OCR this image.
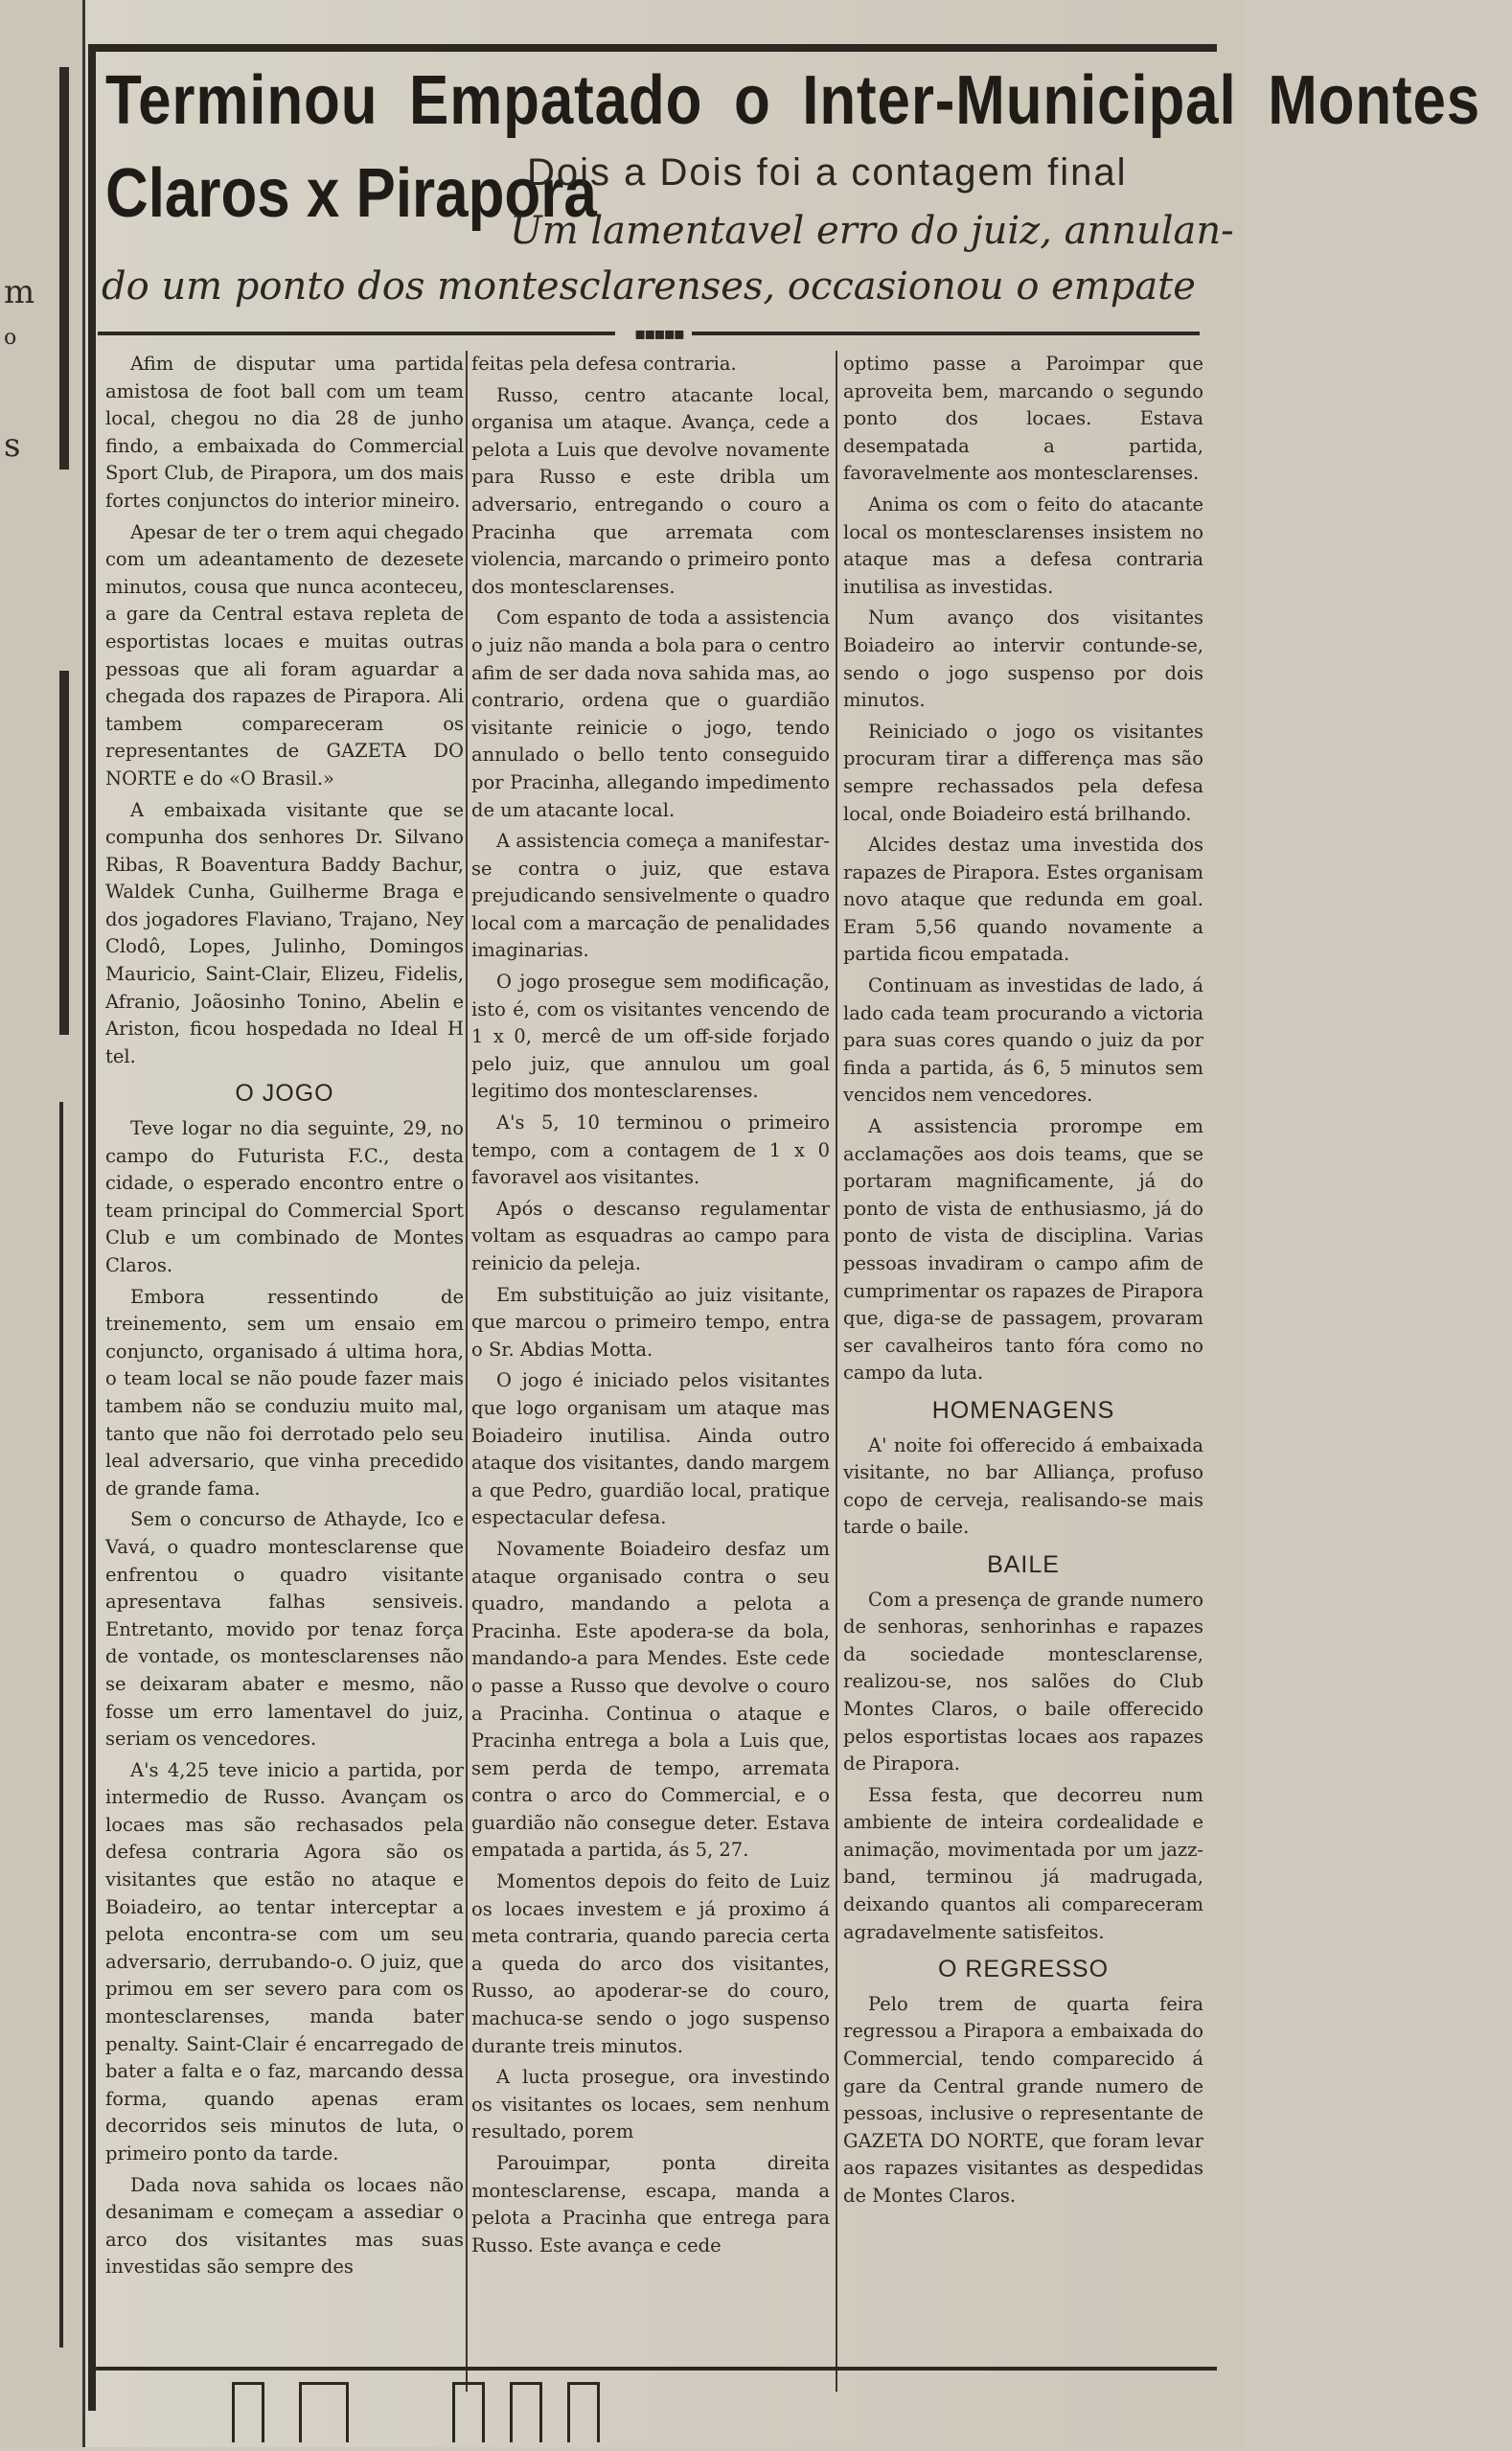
m
o
s
Terminou Empatado o Inter-Municipal Montes
Claros x Pirapora
Dois a Dois foi a contagem final
Um lamentavel erro do juiz, annulan-
do um ponto dos montesclarenses, occasionou o empate
▪▪▪▪▪

Afim de disputar uma partida amistosa de foot ball com um team local, chegou no dia 28 de junho findo, a embaixada do Commercial Sport Club, de Pirapora, um dos mais fortes conjunctos do interior mineiro.

Apesar de ter o trem aqui chegado com um adeantamento de dezesete minutos, cousa que nunca aconteceu, a gare da Central estava repleta de esportistas locaes e muitas outras pessoas que ali foram aguardar a chegada dos rapazes de Pirapora. Ali tambem compareceram os representantes de GAZETA DO NORTE e do «O Brasil.»

A embaixada visitante que se compunha dos senhores Dr. Silvano Ribas, R Boaventura Baddy Bachur, Waldek Cunha, Guilherme Braga e dos jogadores Flaviano, Trajano, Ney Clodô, Lopes, Julinho, Domingos Mauricio, Saint-Clair, Elizeu, Fidelis, Afranio, Joãosinho Tonino, Abelin e Ariston, ficou hospedada no Ideal H tel.

O JOGO

Teve logar no dia seguinte, 29, no campo do Futurista F.C., desta cidade, o esperado encontro entre o team principal do Commercial Sport Club e um combinado de Montes Claros.

Embora ressentindo de treinemento, sem um ensaio em conjuncto, organisado á ultima hora, o team local se não poude fazer mais tambem não se conduziu muito mal, tanto que não foi derrotado pelo seu leal adversario, que vinha precedido de grande fama.

Sem o concurso de Athayde, Ico e Vavá, o quadro montesclarense que enfrentou o quadro visitante apresentava falhas sensiveis. Entretanto, movido por tenaz força de vontade, os montesclarenses não se deixaram abater e mesmo, não fosse um erro lamentavel do juiz, seriam os vencedores.

A's 4,25 teve inicio a partida, por intermedio de Russo. Avançam os locaes mas são rechasados pela defesa contraria Agora são os visitantes que estão no ataque e Boiadeiro, ao tentar interceptar a pelota encontra-se com um seu adversario, derrubando-o. O juiz, que primou em ser severo para com os montesclarenses, manda bater penalty. Saint-Clair é encarregado de bater a falta e o faz, marcando dessa forma, quando apenas eram decorridos seis minutos de luta, o primeiro ponto da tarde.

Dada nova sahida os locaes não desanimam e começam a assediar o arco dos visitantes mas suas investidas são sempre des

feitas pela defesa contraria.

Russo, centro atacante local, organisa um ataque. Avança, cede a pelota a Luis que devolve novamente para Russo e este dribla um adversario, entregando o couro a Pracinha que arremata com violencia, marcando o primeiro ponto dos montesclarenses.

Com espanto de toda a assistencia o juiz não manda a bola para o centro afim de ser dada nova sahida mas, ao contrario, ordena que o guardião visitante reinicie o jogo, tendo annulado o bello tento conseguido por Pracinha, allegando impedimento de um atacante local.

A assistencia começa a manifestar-se contra o juiz, que estava prejudicando sensivelmente o quadro local com a marcação de penalidades imaginarias.

O jogo prosegue sem modificação, isto é, com os visitantes vencendo de 1 x 0, mercê de um off-side forjado pelo juiz, que annulou um goal legitimo dos montesclarenses.

A's 5, 10 terminou o primeiro tempo, com a contagem de 1 x 0 favoravel aos visitantes.

Após o descanso regulamentar voltam as esquadras ao campo para reinicio da peleja.

Em substituição ao juiz visitante, que marcou o primeiro tempo, entra o Sr. Abdias Motta.

O jogo é iniciado pelos visitantes que logo organisam um ataque mas Boiadeiro inutilisa. Ainda outro ataque dos visitantes, dando margem a que Pedro, guardião local, pratique espectacular defesa.

Novamente Boiadeiro desfaz um ataque organisado contra o seu quadro, mandando a pelota a Pracinha. Este apodera-se da bola, mandando-a para Mendes. Este cede o passe a Russo que devolve o couro a Pracinha. Continua o ataque e Pracinha entrega a bola a Luis que, sem perda de tempo, arremata contra o arco do Commercial, e o guardião não consegue deter. Estava empatada a partida, ás 5, 27.

Momentos depois do feito de Luiz os locaes investem e já proximo á meta contraria, quando parecia certa a queda do arco dos visitantes, Russo, ao apoderar-se do couro, machuca-se sendo o jogo suspenso durante treis minutos.

A lucta prosegue, ora investindo os visitantes os locaes, sem nenhum resultado, porem

Parouimpar, ponta direita montesclarense, escapa, manda a pelota a Pracinha que entrega para Russo. Este avança e cede

optimo passe a Paroimpar que aproveita bem, marcando o segundo ponto dos locaes. Estava desempatada a partida, favoravelmente aos montesclarenses.

Anima os com o feito do atacante local os montesclarenses insistem no ataque mas a defesa contraria inutilisa as investidas.

Num avanço dos visitantes Boiadeiro ao intervir contunde-se, sendo o jogo suspenso por dois minutos.

Reiniciado o jogo os visitantes procuram tirar a differença mas são sempre rechassados pela defesa local, onde Boiadeiro está brilhando.

Alcides destaz uma investida dos rapazes de Pirapora. Estes organisam novo ataque que redunda em goal. Eram 5,56 quando novamente a partida ficou empatada.

Continuam as investidas de lado, á lado cada team procurando a victoria para suas cores quando o juiz da por finda a partida, ás 6, 5 minutos sem vencidos nem vencedores.

A assistencia prorompe em acclamações aos dois teams, que se portaram magnificamente, já do ponto de vista de enthusiasmo, já do ponto de vista de disciplina. Varias pessoas invadiram o campo afim de cumprimentar os rapazes de Pirapora que, diga-se de passagem, provaram ser cavalheiros tanto fóra como no campo da luta.

HOMENAGENS

A' noite foi offerecido á embaixada visitante, no bar Alliança, profuso copo de cerveja, realisando-se mais tarde o baile.

BAILE

Com a presença de grande numero de senhoras, senhorinhas e rapazes da sociedade montesclarense, realizou-se, nos salões do Club Montes Claros, o baile offerecido pelos esportistas locaes aos rapazes de Pirapora.

Essa festa, que decorreu num ambiente de inteira cordealidade e animação, movimentada por um jazz-band, terminou já madrugada, deixando quantos ali compareceram agradavelmente satisfeitos.

O REGRESSO

Pelo trem de quarta feira regressou a Pirapora a embaixada do Commercial, tendo comparecido á gare da Central grande numero de pessoas, inclusive o representante de GAZETA DO NORTE, que foram levar aos rapazes visitantes as despedidas de Montes Claros.
